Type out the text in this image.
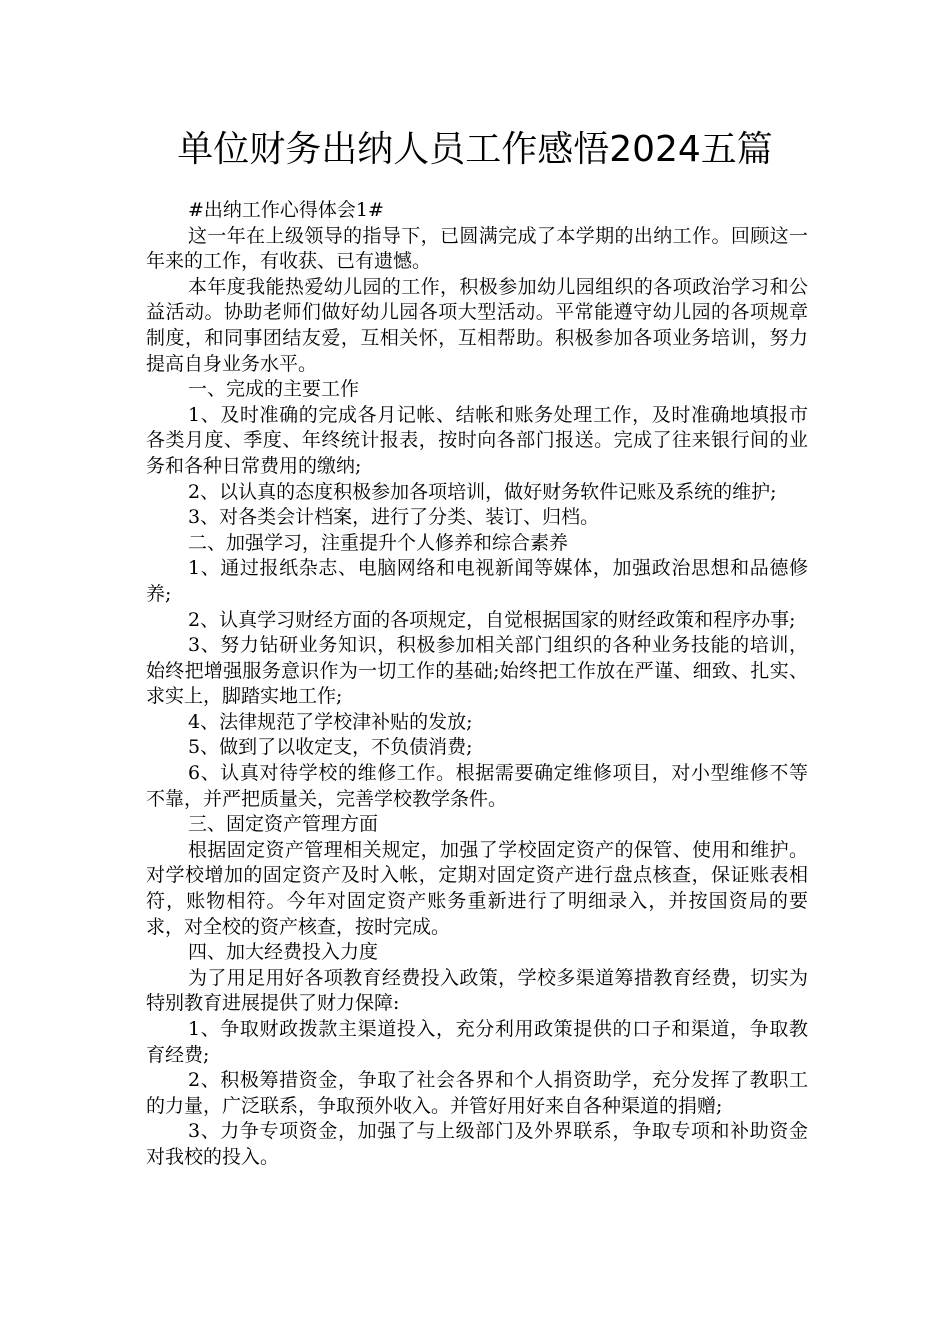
单位财务出纳人员工作感悟2024五篇

#出纳工作心得体会1#

这一年在上级领导的指导下，已圆满完成了本学期的出纳工作。回顾这一年来的工作，有收获、已有遗憾。

本年度我能热爱幼儿园的工作，积极参加幼儿园组织的各项政治学习和公益活动。协助老师们做好幼儿园各项大型活动。平常能遵守幼儿园的各项规章制度，和同事团结友爱，互相关怀，互相帮助。积极参加各项业务培训，努力提高自身业务水平。

一、完成的主要工作

1、及时准确的完成各月记帐、结帐和账务处理工作，及时准确地填报市各类月度、季度、年终统计报表，按时向各部门报送。完成了往来银行间的业务和各种日常费用的缴纳;

2、以认真的态度积极参加各项培训，做好财务软件记账及系统的维护;

3、对各类会计档案，进行了分类、装订、归档。

二、加强学习，注重提升个人修养和综合素养

1、通过报纸杂志、电脑网络和电视新闻等媒体，加强政治思想和品德修养;

2、认真学习财经方面的各项规定，自觉根据国家的财经政策和程序办事;

3、努力钻研业务知识，积极参加相关部门组织的各种业务技能的培训，始终把增强服务意识作为一切工作的基础;始终把工作放在严谨、细致、扎实、求实上，脚踏实地工作;

4、法律规范了学校津补贴的发放;

5、做到了以收定支，不负债消费;

6、认真对待学校的维修工作。根据需要确定维修项目，对小型维修不等不靠，并严把质量关，完善学校教学条件。

三、固定资产管理方面

根据固定资产管理相关规定，加强了学校固定资产的保管、使用和维护。对学校增加的固定资产及时入帐，定期对固定资产进行盘点核查，保证账表相符，账物相符。今年对固定资产账务重新进行了明细录入，并按国资局的要求，对全校的资产核查，按时完成。

四、加大经费投入力度

为了用足用好各项教育经费投入政策，学校多渠道筹措教育经费，切实为特别教育进展提供了财力保障:

1、争取财政拨款主渠道投入，充分利用政策提供的口子和渠道，争取教育经费;

2、积极筹措资金，争取了社会各界和个人捐资助学，充分发挥了教职工的力量，广泛联系，争取预外收入。并管好用好来自各种渠道的捐赠;

3、力争专项资金，加强了与上级部门及外界联系，争取专项和补助资金对我校的投入。
